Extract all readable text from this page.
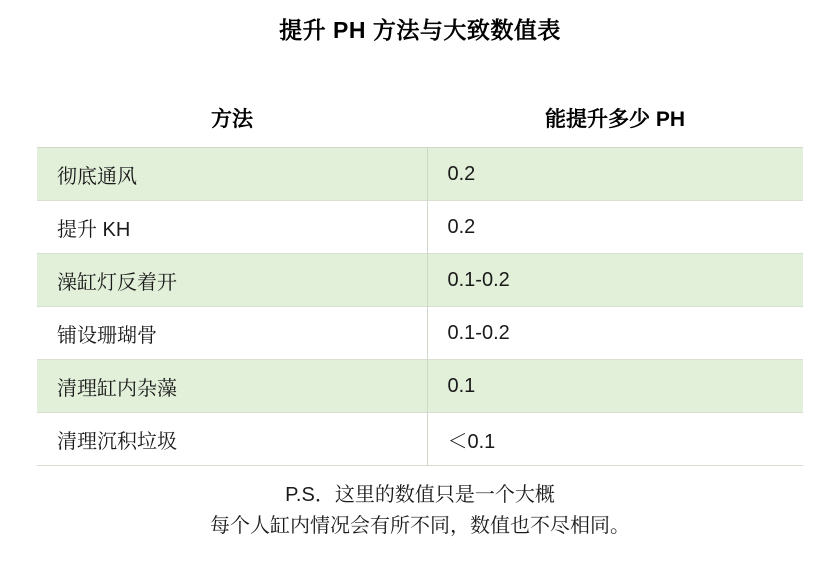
提升 PH 方法与大致数值表
方法	能提升多少 PH
彻底通风	0.2
提升 KH	0.2
澡缸灯反着开	0.1-0.2
铺设珊瑚骨	0.1-0.2
清理缸内杂藻	0.1
清理沉积垃圾	＜0.1
P.S．这里的数值只是一个大概
每个人缸内情况会有所不同，数值也不尽相同。
